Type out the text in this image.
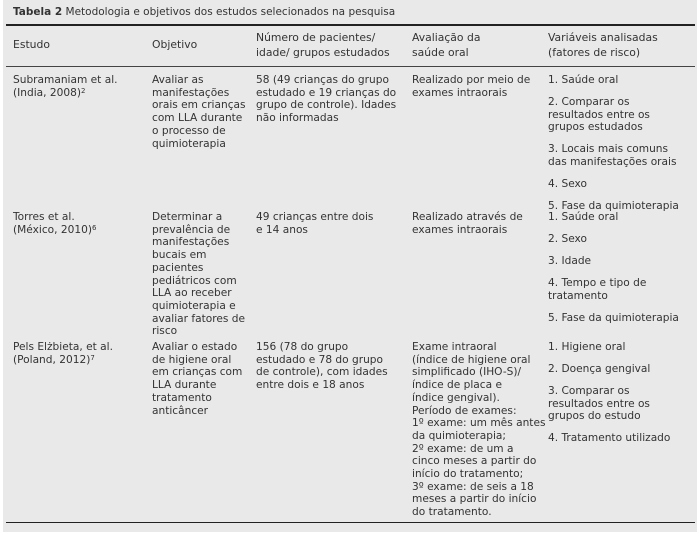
Tabela 2 Metodologia e objetivos dos estudos selecionados na pesquisa
Estudo	Objetivo
Número de pacientes/
idade/ grupos estudados
Avaliação da
saúde oral
Variáveis analisadas
(fatores de risco)
Subramaniam et al.
(India, 2008)$^2$
Avaliar as
manifestações
orais em crianças
com LLA durante
o processo de
quimioterapia
58 (49 crianças do grupo
estudado e 19 crianças do
grupo de controle). Idades
não informadas
Realizado por meio de
exames intraorais
1. Saúde oral
2. Comparar os
resultados entre os
grupos estudados
3. Locais mais comuns
das manifestações orais
4. Sexo
5. Fase da quimioterapia
Torres et al.
(México, 2010)$^6$
Determinar a
prevalência de
manifestações
bucais em
pacientes
pediátricos com
LLA ao receber
quimioterapia e
avaliar fatores de
risco
49 crianças entre dois
e 14 anos
Realizado através de
exames intraorais
1. Saúde oral
2. Sexo
3. Idade
4. Tempo e tipo de
tratamento
5. Fase da quimioterapia
Pels Elżbieta, et al.
(Poland, 2012)$^7$
Avaliar o estado
de higiene oral
em crianças com
LLA durante
tratamento
anticâncer
156 (78 do grupo
estudado e 78 do grupo
de controle), com idades
entre dois e 18 anos
Exame intraoral
(índice de higiene oral
simplificado (IHO-S)/
índice de placa e
índice gengival).
Período de exames:
1º exame: um mês antes
da quimioterapia;
2º exame: de um a
cinco meses a partir do
início do tratamento;
3º exame: de seis a 18
meses a partir do início
do tratamento.
1. Higiene oral
2. Doença gengival
3. Comparar os
resultados entre os
grupos do estudo
4. Tratamento utilizado
